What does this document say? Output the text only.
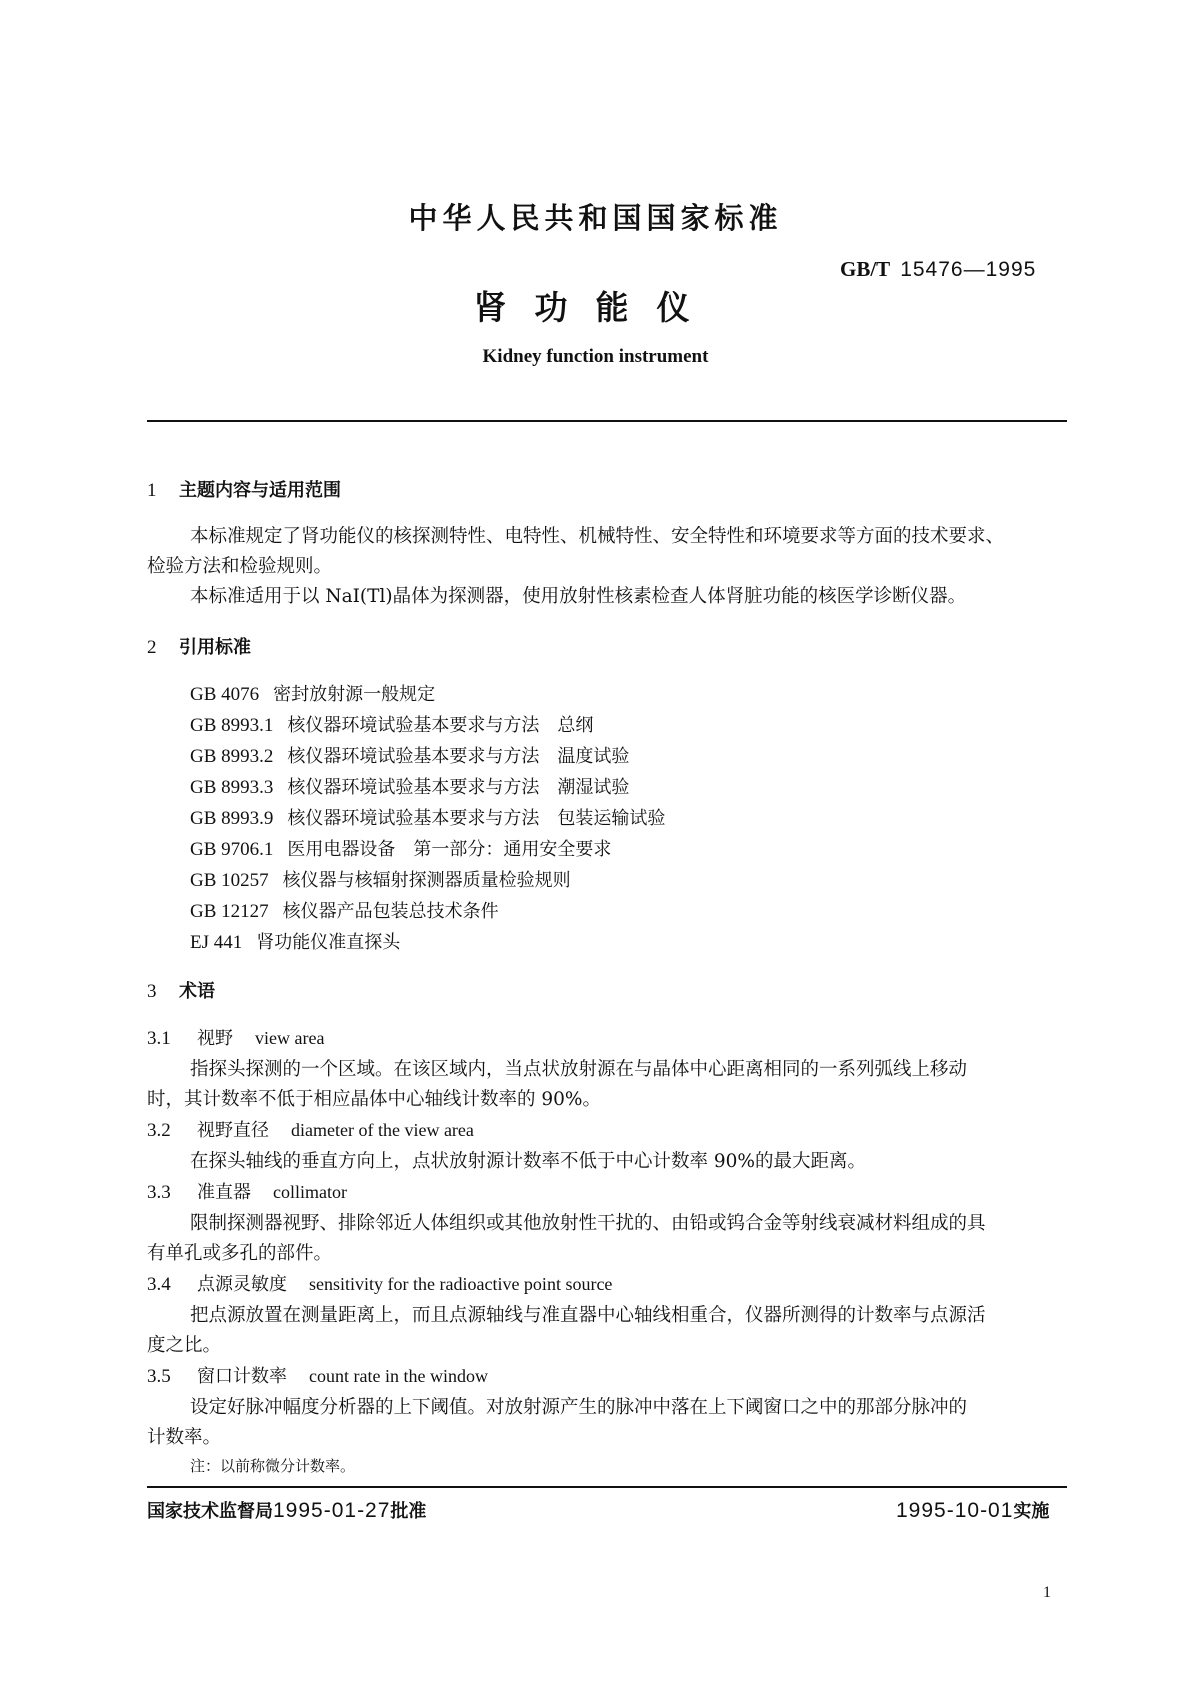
中华人民共和国国家标准
GB/T 15476—1995
肾功能仪
Kidney function instrument
1 主题内容与适用范围
本标准规定了肾功能仪的核探测特性、电特性、机械特性、安全特性和环境要求等方面的技术要求、
检验方法和检验规则。
本标准适用于以 NaI(Tl)晶体为探测器，使用放射性核素检查人体肾脏功能的核医学诊断仪器。
2 引用标准
GB 4076 密封放射源一般规定
GB 8993.1 核仪器环境试验基本要求与方法　总纲
GB 8993.2 核仪器环境试验基本要求与方法　温度试验
GB 8993.3 核仪器环境试验基本要求与方法　潮湿试验
GB 8993.9 核仪器环境试验基本要求与方法　包装运输试验
GB 9706.1 医用电器设备　第一部分：通用安全要求
GB 10257 核仪器与核辐射探测器质量检验规则
GB 12127 核仪器产品包装总技术条件
EJ 441 肾功能仪准直探头
3 术语
3.1 视野 view area
指探头探测的一个区域。在该区域内，当点状放射源在与晶体中心距离相同的一系列弧线上移动
时，其计数率不低于相应晶体中心轴线计数率的 90%。
3.2 视野直径 diameter of the view area
在探头轴线的垂直方向上，点状放射源计数率不低于中心计数率 90%的最大距离。
3.3 准直器 collimator
限制探测器视野、排除邻近人体组织或其他放射性干扰的、由铅或钨合金等射线衰减材料组成的具
有单孔或多孔的部件。
3.4 点源灵敏度 sensitivity for the radioactive point source
把点源放置在测量距离上，而且点源轴线与准直器中心轴线相重合，仪器所测得的计数率与点源活
度之比。
3.5 窗口计数率 count rate in the window
设定好脉冲幅度分析器的上下阈值。对放射源产生的脉冲中落在上下阈窗口之中的那部分脉冲的
计数率。
注：以前称微分计数率。
国家技术监督局1995-01-27批准	1995-10-01实施
1
